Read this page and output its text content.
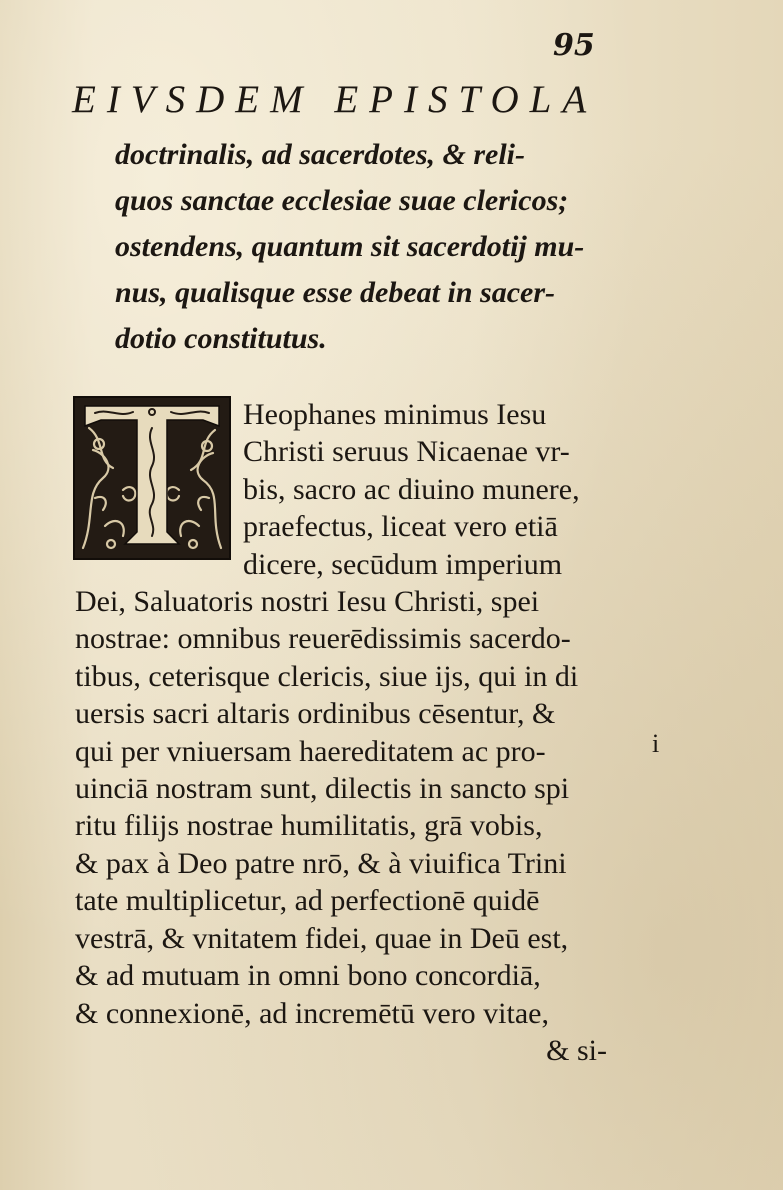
95
EIVSDEM EPISTOLA
doctrinalis, ad sacerdotes, & reli-
quos sanctae ecclesiae suae clericos;
ostendens, quantum sit sacerdotij mu-
nus, qualisque esse debeat in sacer-
dotio constitutus.
Heophanes minimus Iesu
Christi seruus Nicaenae vr-
bis, sacro ac diuino munere,
praefectus, liceat vero etiā
dicere, secūdum imperium
Dei, Saluatoris nostri Iesu Christi, spei
nostrae: omnibus reuerēdissimis sacerdo-
tibus, ceterisque clericis, siue ijs, qui in di
uersis sacri altaris ordinibus cēsentur, &
qui per vniuersam haereditatem ac pro-
uinciā nostram sunt, dilectis in sancto spi
ritu filijs nostrae humilitatis, grā vobis,
& pax à Deo patre nrō, & à viuifica Trini
tate multiplicetur, ad perfectionē quidē
vestrā, & vnitatem fidei, quae in Deū est,
& ad mutuam in omni bono concordiā,
& connexionē, ad incremētū vero vitae,
& si-
i
